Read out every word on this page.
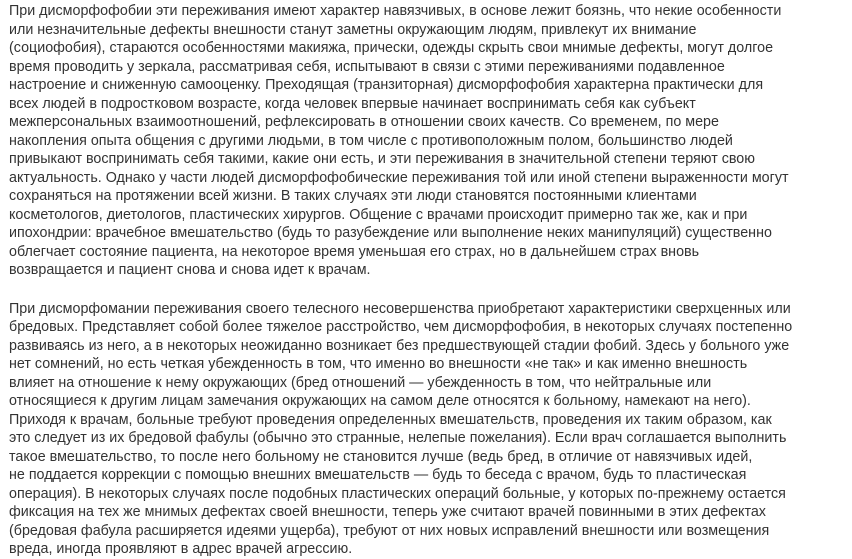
При дисморфофобии эти переживания имеют характер навязчивых, в основе лежит боязнь, что некие особенности
или незначительные дефекты внешности станут заметны окружающим людям, привлекут их внимание
(социофобия), стараются особенностями макияжа, прически, одежды скрыть свои мнимые дефекты, могут долгое
время проводить у зеркала, рассматривая себя, испытывают в связи с этими переживаниями подавленное
настроение и сниженную самооценку. Преходящая (транзиторная) дисморфофобия характерна практически для
всех людей в подростковом возрасте, когда человек впервые начинает воспринимать себя как субъект
межперсональных взаимоотношений, рефлексировать в отношении своих качеств. Со временем, по мере
накопления опыта общения с другими людьми, в том числе с противоположным полом, большинство людей
привыкают воспринимать себя такими, какие они есть, и эти переживания в значительной степени теряют свою
актуальность. Однако у части людей дисморфофобические переживания той или иной степени выраженности могут
сохраняться на протяжении всей жизни. В таких случаях эти люди становятся постоянными клиентами
косметологов, диетологов, пластических хирургов. Общение с врачами происходит примерно так же, как и при
ипохондрии: врачебное вмешательство (будь то разубеждение или выполнение неких манипуляций) существенно
облегчает состояние пациента, на некоторое время уменьшая его страх, но в дальнейшем страх вновь
возвращается и пациент снова и снова идет к врачам.

При дисморфомании переживания своего телесного несовершенства приобретают характеристики сверхценных или
бредовых. Представляет собой более тяжелое расстройство, чем дисморфофобия, в некоторых случаях постепенно
развиваясь из него, а в некоторых неожиданно возникает без предшествующей стадии фобий. Здесь у больного уже
нет сомнений, но есть четкая убежденность в том, что именно во внешности «не так» и как именно внешность
влияет на отношение к нему окружающих (бред отношений — убежденность в том, что нейтральные или
относящиеся к другим лицам замечания окружающих на самом деле относятся к больному, намекают на него).
Приходя к врачам, больные требуют проведения определенных вмешательств, проведения их таким образом, как
это следует из их бредовой фабулы (обычно это странные, нелепые пожелания). Если врач соглашается выполнить
такое вмешательство, то после него больному не становится лучше (ведь бред, в отличие от навязчивых идей,
не поддается коррекции с помощью внешних вмешательств — будь то беседа с врачом, будь то пластическая
операция). В некоторых случаях после подобных пластических операций больные, у которых по-прежнему остается
фиксация на тех же мнимых дефектах своей внешности, теперь уже считают врачей повинными в этих дефектах
(бредовая фабула расширяется идеями ущерба), требуют от них новых исправлений внешности или возмещения
вреда, иногда проявляют в адрес врачей агрессию.
